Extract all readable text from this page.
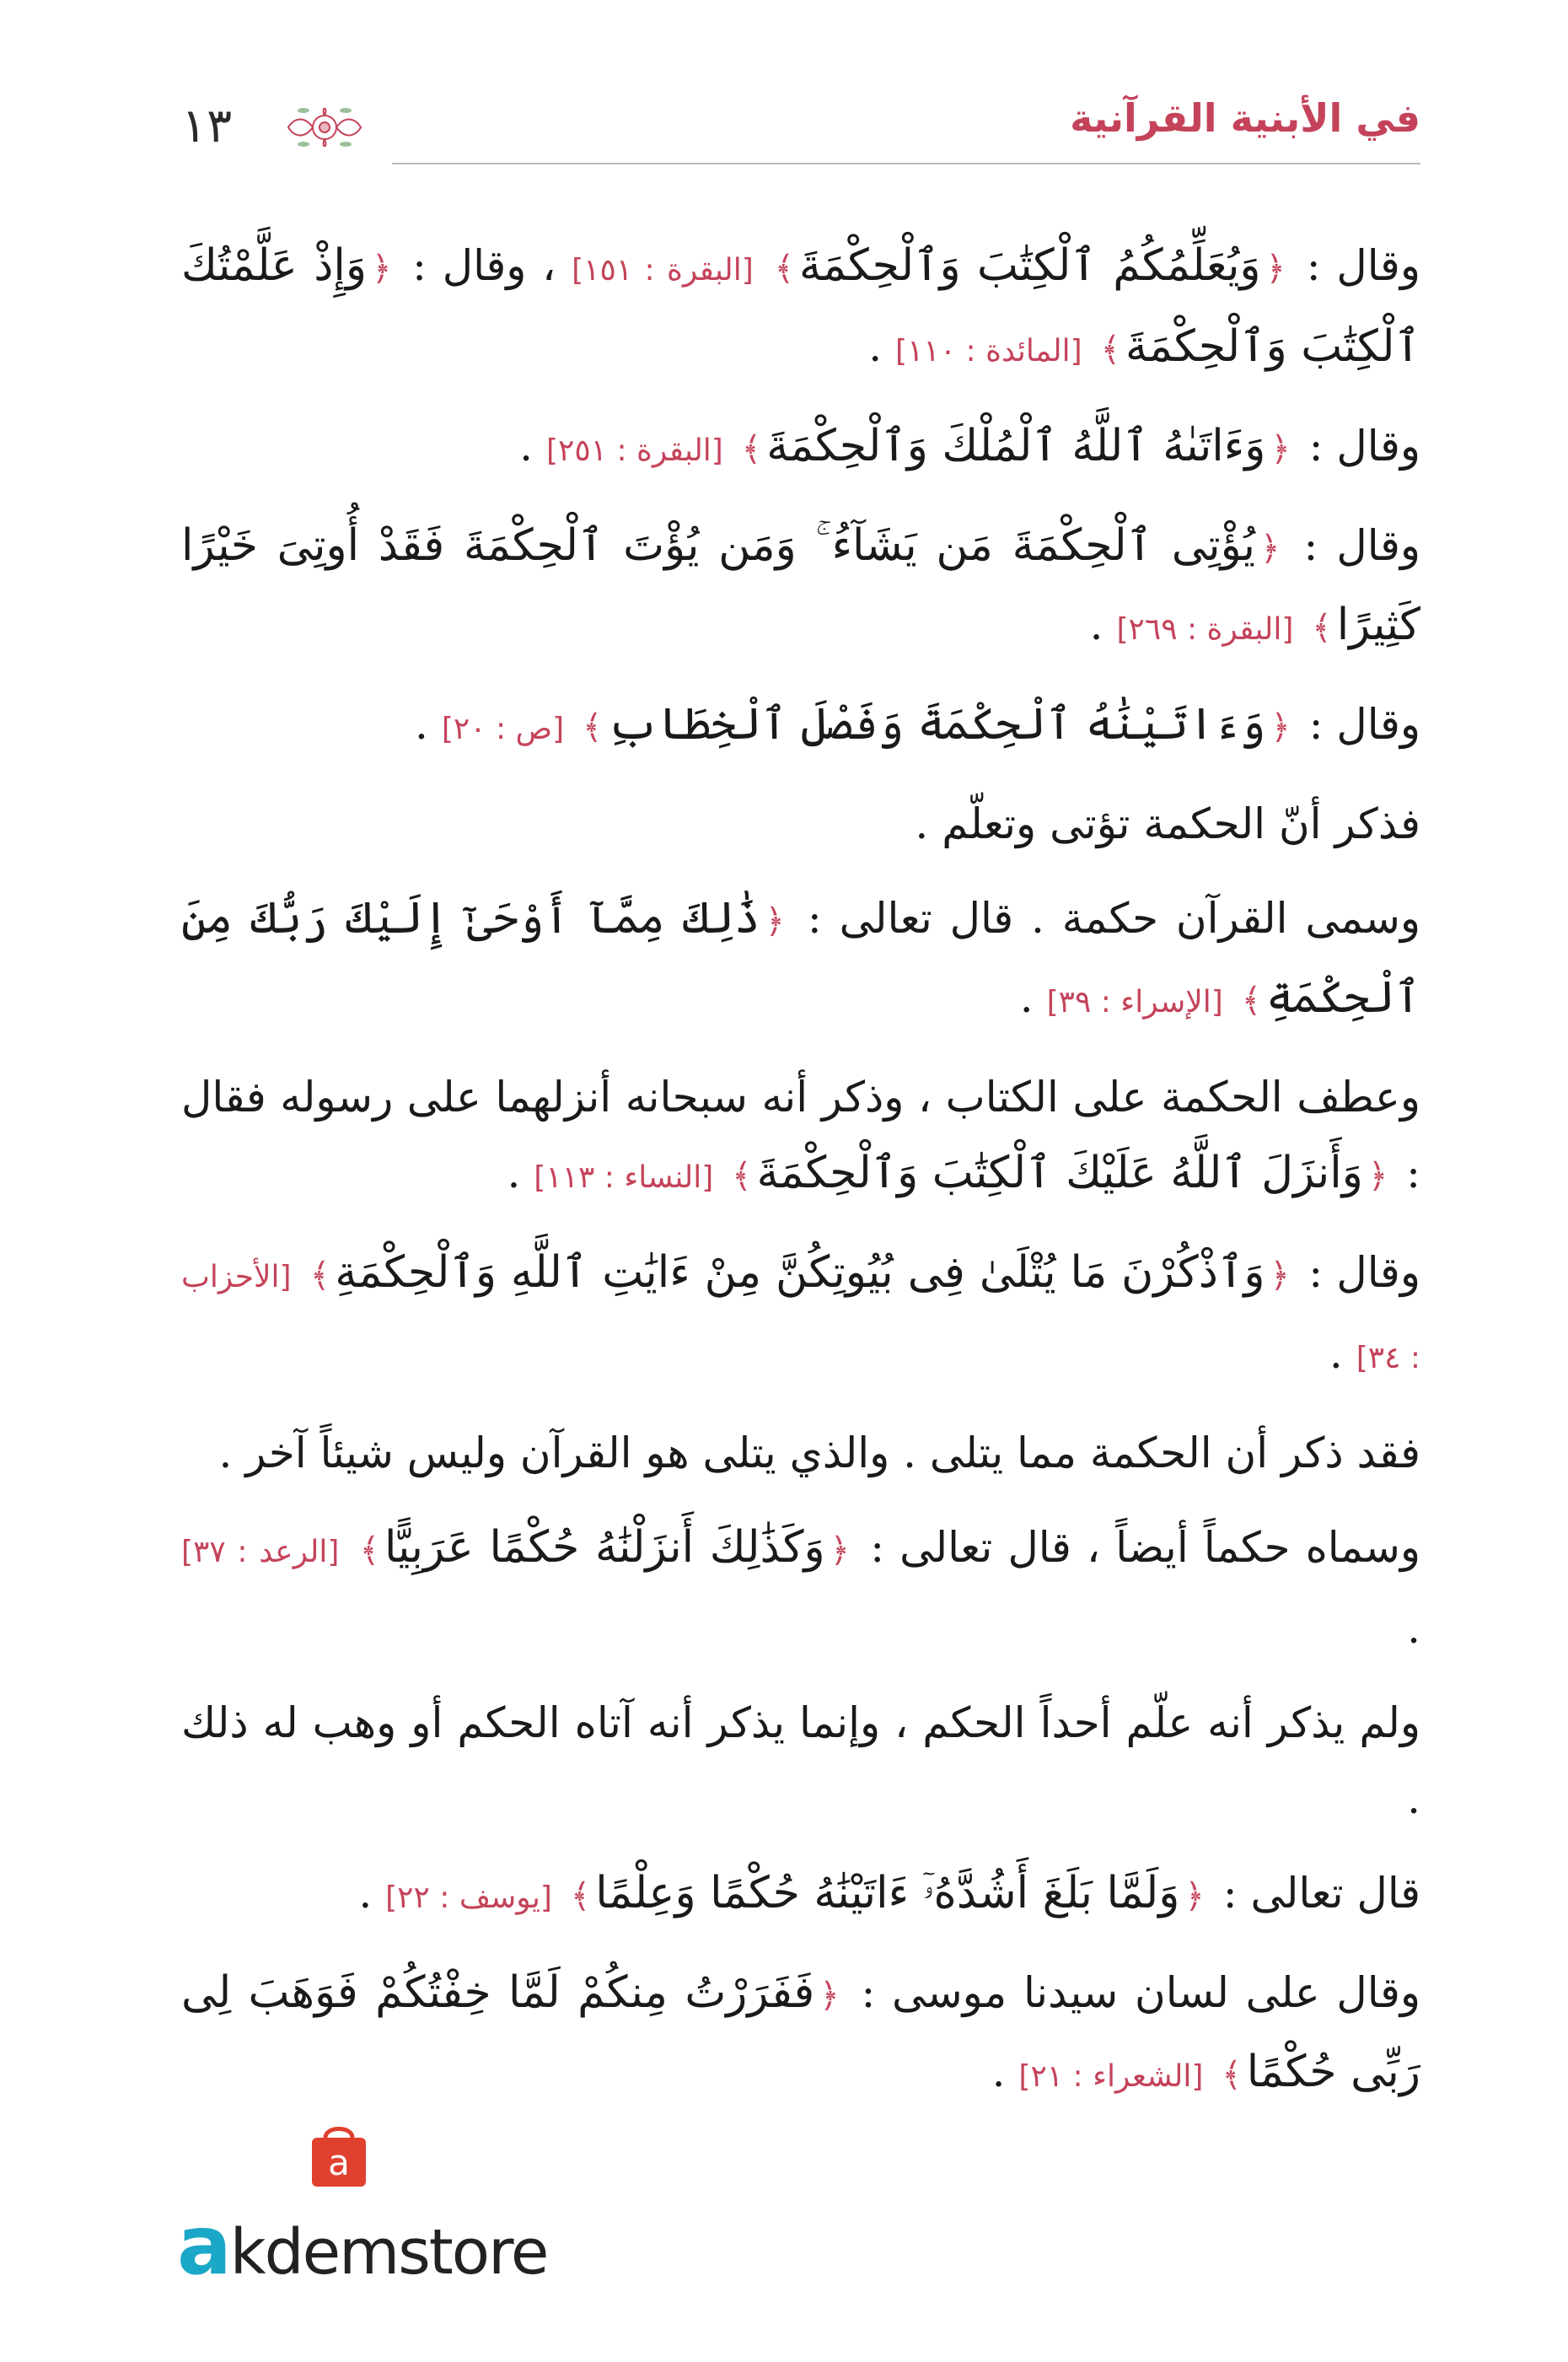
في الأبنية القرآنية
١٣

وقال : ﴿وَيُعَلِّمُكُمُ ٱلْكِتَٰبَ وَٱلْحِكْمَةَ﴾ [البقرة : ١٥١] ، وقال : ﴿وَإِذْ عَلَّمْتُكَ ٱلْكِتَٰبَ وَٱلْحِكْمَةَ﴾ [المائدة : ١١٠] .

وقال : ﴿وَءَاتَىٰهُ ٱللَّهُ ٱلْمُلْكَ وَٱلْحِكْمَةَ﴾ [البقرة : ٢٥١] .

وقال : ﴿يُؤْتِى ٱلْحِكْمَةَ مَن يَشَآءُ ۚ وَمَن يُؤْتَ ٱلْحِكْمَةَ فَقَدْ أُوتِىَ خَيْرًا كَثِيرًا﴾ [البقرة : ٢٦٩] .

وقال : ﴿وَءَاتَيْنَٰهُ ٱلْحِكْمَةَ وَفَصْلَ ٱلْخِطَابِ﴾ [ص : ٢٠] .

فذكر أنّ الحكمة تؤتى وتعلّم .

وسمى القرآن حكمة . قال تعالى : ﴿ذَٰلِكَ مِمَّآ أَوْحَىٰٓ إِلَيْكَ رَبُّكَ مِنَ ٱلْحِكْمَةِ﴾ [الإسراء : ٣٩] .

وعطف الحكمة على الكتاب ، وذكر أنه سبحانه أنزلهما على رسوله فقال : ﴿وَأَنزَلَ ٱللَّهُ عَلَيْكَ ٱلْكِتَٰبَ وَٱلْحِكْمَةَ﴾ [النساء : ١١٣] .

وقال : ﴿وَٱذْكُرْنَ مَا يُتْلَىٰ فِى بُيُوتِكُنَّ مِنْ ءَايَٰتِ ٱللَّهِ وَٱلْحِكْمَةِ﴾ [الأحزاب : ٣٤] .

فقد ذكر أن الحكمة مما يتلى . والذي يتلى هو القرآن وليس شيئاً آخر .

وسماه حكماً أيضاً ، قال تعالى : ﴿وَكَذَٰلِكَ أَنزَلْنَٰهُ حُكْمًا عَرَبِيًّا﴾ [الرعد : ٣٧] .

ولم يذكر أنه علّم أحداً الحكم ، وإنما يذكر أنه آتاه الحكم أو وهب له ذلك .

قال تعالى : ﴿وَلَمَّا بَلَغَ أَشُدَّهُۥٓ ءَاتَيْنَٰهُ حُكْمًا وَعِلْمًا﴾ [يوسف : ٢٢] .

وقال على لسان سيدنا موسى : ﴿فَفَرَرْتُ مِنكُمْ لَمَّا خِفْتُكُمْ فَوَهَبَ لِى رَبِّى حُكْمًا﴾ [الشعراء : ٢١] .

a
akdemstore
